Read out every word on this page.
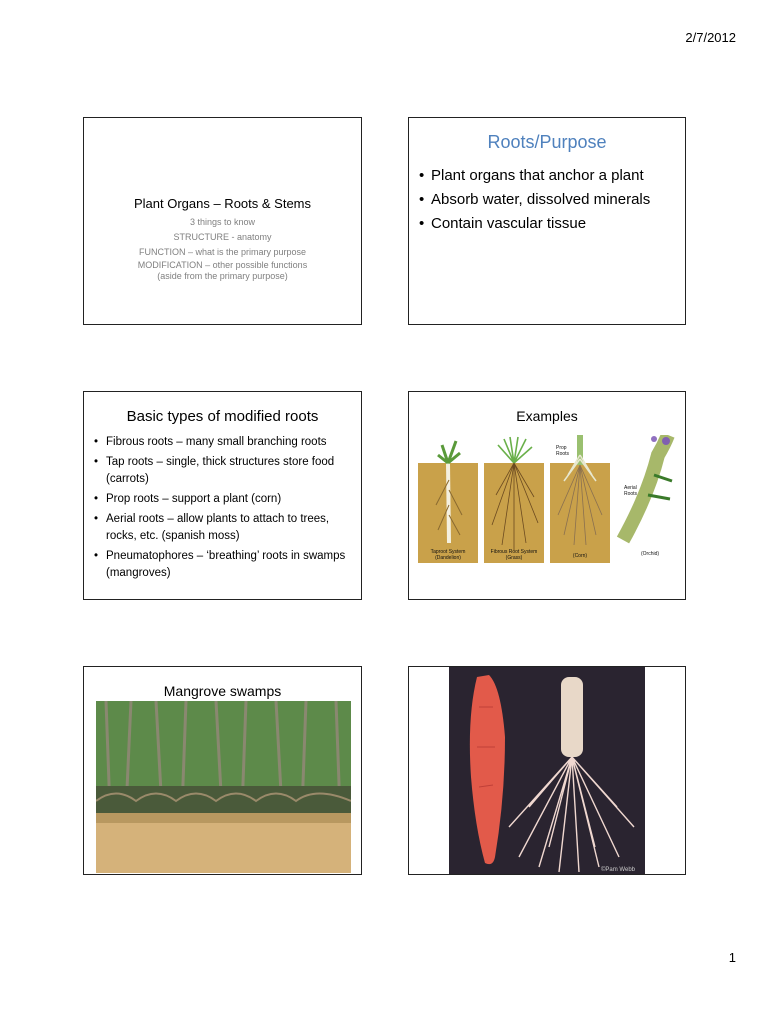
2/7/2012
Plant Organs – Roots & Stems
3 things to know
STRUCTURE - anatomy
FUNCTION – what is the primary purpose
MODIFICATION – other possible functions
(aside from the primary purpose)
Roots/Purpose
• Plant organs that anchor a plant
• Absorb water, dissolved minerals
• Contain vascular tissue
Basic types of modified roots
• Fibrous roots – many small branching roots
• Tap roots – single, thick structures store food (carrots)
• Prop roots – support a plant (corn)
• Aerial roots – allow plants to attach to trees, rocks, etc. (spanish moss)
• Pneumatophores – ‘breathing’ roots in swamps (mangroves)
Examples
Taproot System
(Dandelion)
Fibrous Root System
(Grass)
Prop
Roots
(Corn)
Aerial
Roots
(Orchid)
Mangrove swamps
©Pam Webb
1
